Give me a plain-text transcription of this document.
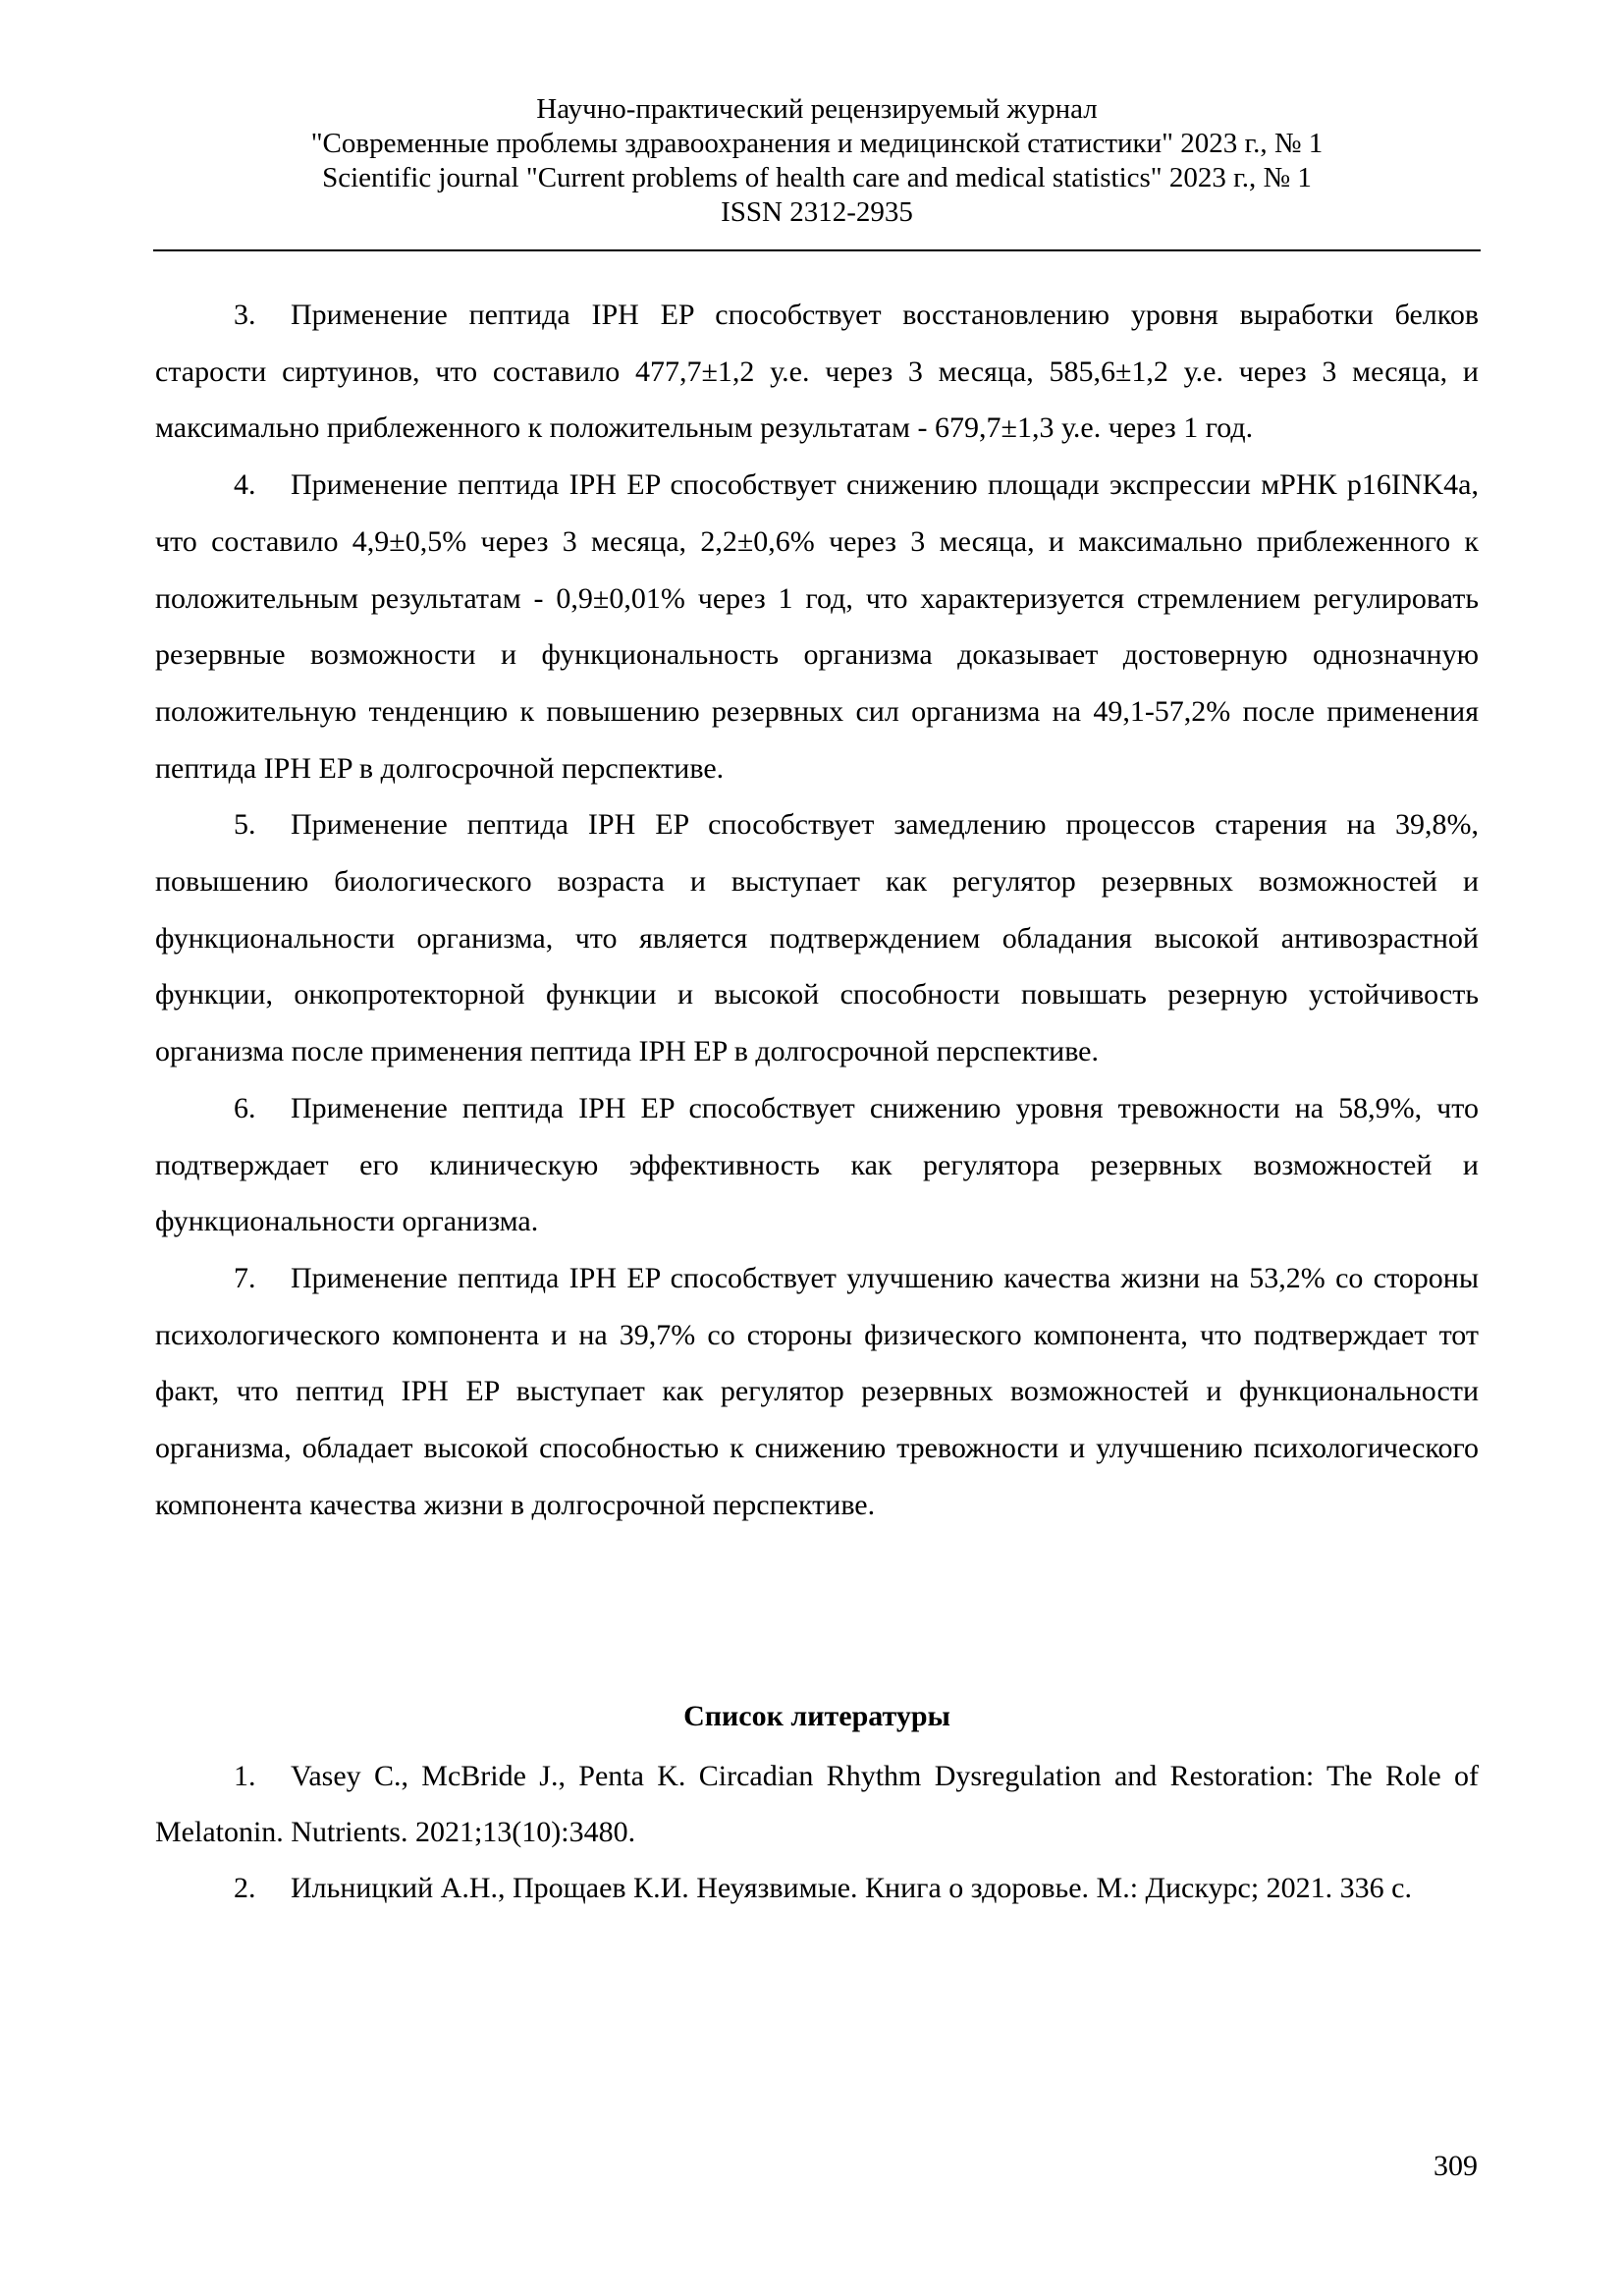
Научно-практический рецензируемый журнал
"Современные проблемы здравоохранения и медицинской статистики" 2023 г., № 1
Scientific journal "Current problems of health care and medical statistics" 2023 г., № 1
ISSN 2312-2935

3. Применение пептида IPH EP способствует восстановлению уровня выработки белков старости сиртуинов, что составило 477,7±1,2 у.е. через 3 месяца, 585,6±1,2 у.е. через 3 месяца, и максимально приблеженного к положительным результатам - 679,7±1,3 у.е. через 1 год.

4. Применение пептида IPH EP способствует снижению площади экспрессии мРНК p16INK4a, что составило 4,9±0,5% через 3 месяца, 2,2±0,6% через 3 месяца, и максимально приблеженного к положительным результатам - 0,9±0,01% через 1 год, что характеризуется стремлением регулировать резервные возможности и функциональность организма доказывает достоверную однозначную положительную тенденцию к повышению резервных сил организма на 49,1-57,2% после применения пептида IPH EP в долгосрочной перспективе.

5. Применение пептида IPH EP способствует замедлению процессов старения на 39,8%, повышению биологического возраста и выступает как регулятор резервных возможностей и функциональности организма, что является подтверждением обладания высокой антивозрастной функции, онкопротекторной функции и высокой способности повышать резерную устойчивость организма после применения пептида IPH EP в долгосрочной перспективе.

6. Применение пептида IPH EP способствует снижению уровня тревожности на 58,9%, что подтверждает его клиническую эффективность как регулятора резервных возможностей и функциональности организма.

7. Применение пептида IPH EP способствует улучшению качества жизни на 53,2% со стороны психологического компонента и на 39,7% со стороны физического компонента, что подтверждает тот факт, что пептид IPH EP выступает как регулятор резервных возможностей и функциональности организма, обладает высокой способностью к снижению тревожности и улучшению психологического компонента качества жизни в долгосрочной перспективе.

Список литературы

1. Vasey C., McBride J., Penta K. Circadian Rhythm Dysregulation and Restoration: The Role of Melatonin. Nutrients. 2021;13(10):3480.

2. Ильницкий А.Н., Прощаев К.И. Неуязвимые. Книга о здоровье. М.: Дискурс; 2021. 336 с.

309
